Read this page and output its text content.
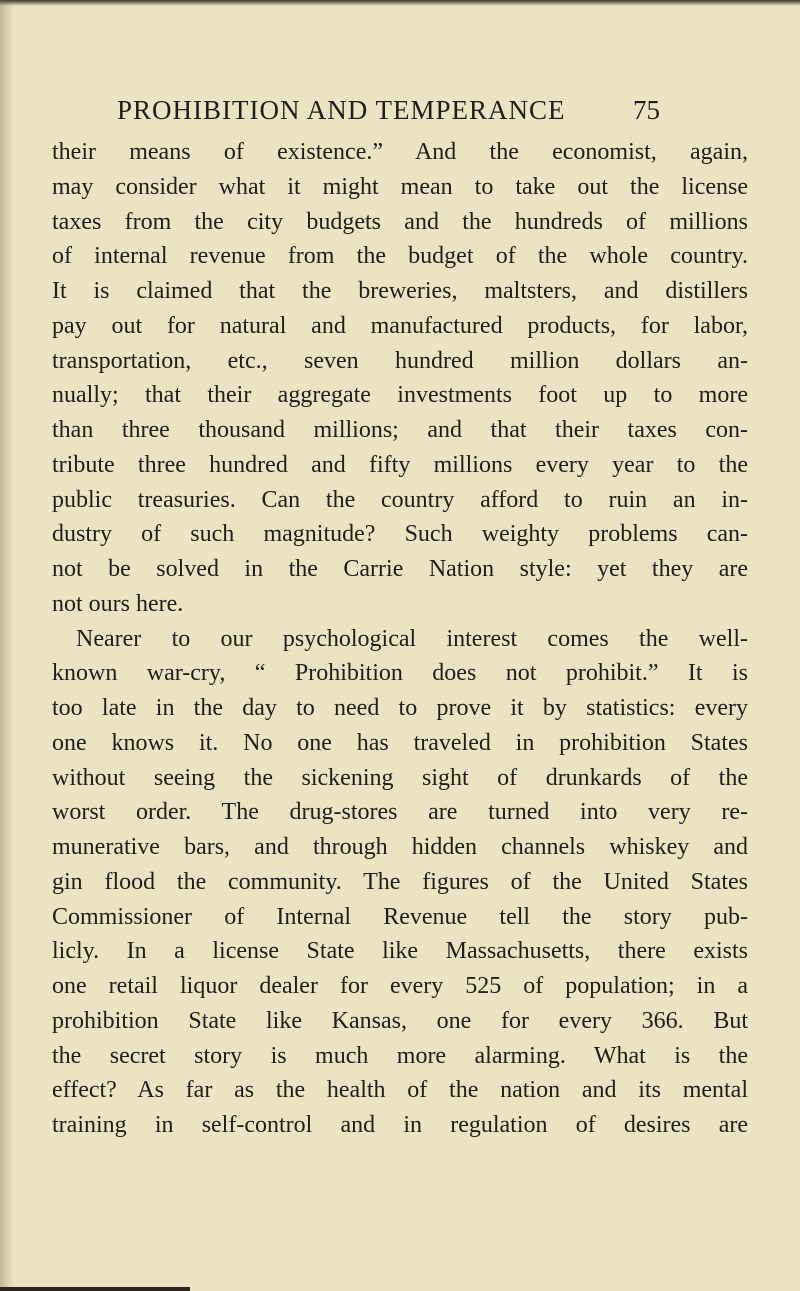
PROHIBITION AND TEMPERANCE 75
their means of existence.” And the economist, again,
may consider what it might mean to take out the license
taxes from the city budgets and the hundreds of millions
of internal revenue from the budget of the whole country.
It is claimed that the breweries, maltsters, and distillers
pay out for natural and manufactured products, for labor,
transportation, etc., seven hundred million dollars an-
nually; that their aggregate investments foot up to more
than three thousand millions; and that their taxes con-
tribute three hundred and fifty millions every year to the
public treasuries. Can the country afford to ruin an in-
dustry of such magnitude? Such weighty problems can-
not be solved in the Carrie Nation style: yet they are
not ours here.
Nearer to our psychological interest comes the well-
known war-cry, “ Prohibition does not prohibit.” It is
too late in the day to need to prove it by statistics: every
one knows it. No one has traveled in prohibition States
without seeing the sickening sight of drunkards of the
worst order. The drug-stores are turned into very re-
munerative bars, and through hidden channels whiskey and
gin flood the community. The figures of the United States
Commissioner of Internal Revenue tell the story pub-
licly. In a license State like Massachusetts, there exists
one retail liquor dealer for every 525 of population; in a
prohibition State like Kansas, one for every 366. But
the secret story is much more alarming. What is the
effect? As far as the health of the nation and its mental
training in self-control and in regulation of desires are
